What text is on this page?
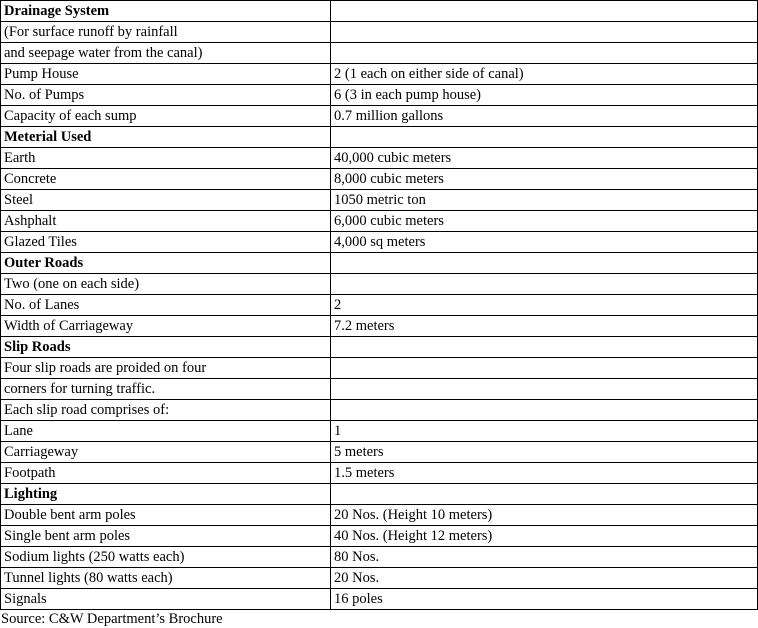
Drainage System	
(For surface runoff by rainfall	
and seepage water from the canal)	
Pump House	2 (1 each on either side of canal)
No. of Pumps	6 (3 in each pump house)
Capacity of each sump	0.7 million gallons
Meterial Used	
Earth	40,000 cubic meters
Concrete	8,000 cubic meters
Steel	1050 metric ton
Ashphalt	6,000 cubic meters
Glazed Tiles	4,000 sq meters
Outer Roads	
Two (one on each side)	
No. of Lanes	2
Width of Carriageway	7.2 meters
Slip Roads	
Four slip roads are proided on four	
corners for turning traffic.	
Each slip road comprises of:	
Lane	1
Carriageway	5 meters
Footpath	1.5 meters
Lighting	
Double bent arm poles	20 Nos. (Height 10 meters)
Single bent arm poles	40 Nos. (Height 12 meters)
Sodium lights (250 watts each)	80 Nos.
Tunnel lights (80 watts each)	20 Nos.
Signals	16 poles
Source: C&W Department’s Brochure
